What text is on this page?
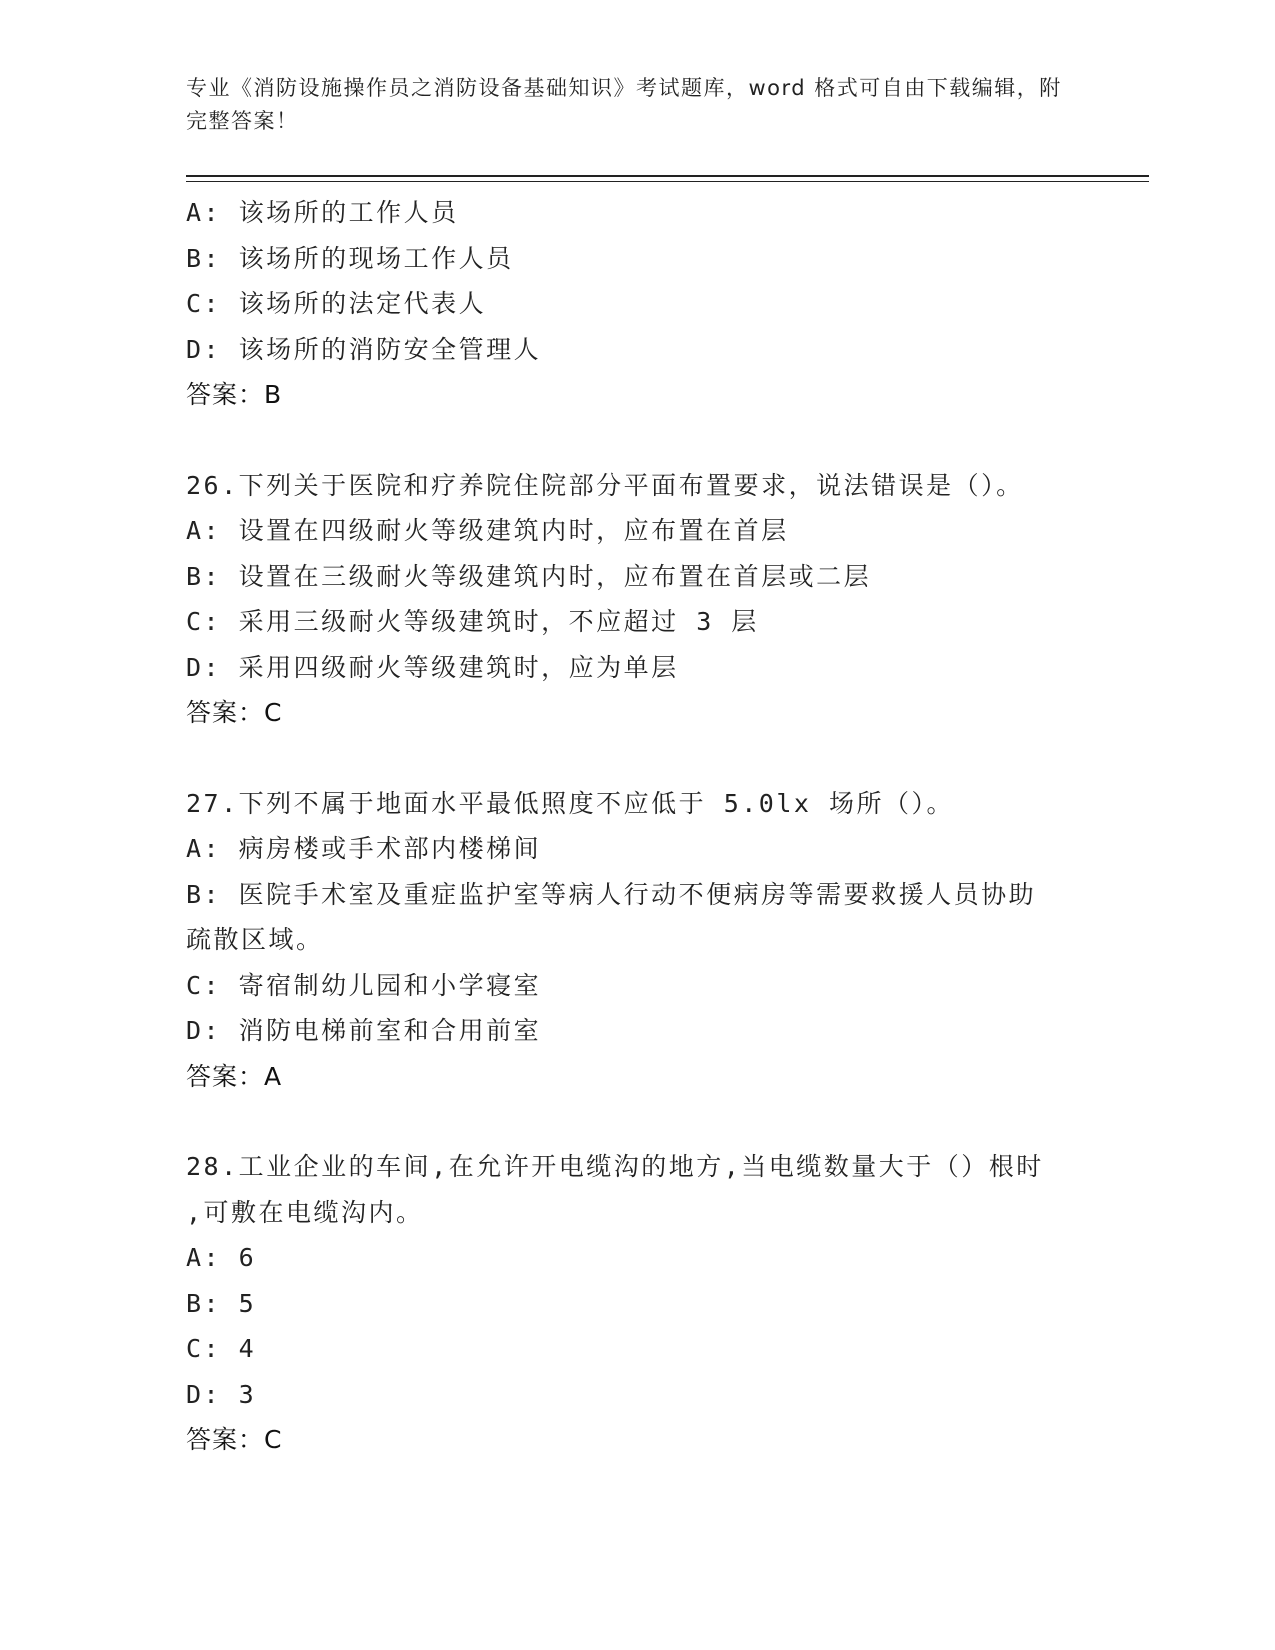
专业《消防设施操作员之消防设备基础知识》考试题库，word 格式可自由下载编辑，附完整答案！
A: 该场所的工作人员
B: 该场所的现场工作人员
C: 该场所的法定代表人
D: 该场所的消防安全管理人
答案：B
26.下列关于医院和疗养院住院部分平面布置要求，说法错误是（）。
A: 设置在四级耐火等级建筑内时，应布置在首层
B: 设置在三级耐火等级建筑内时，应布置在首层或二层
C: 采用三级耐火等级建筑时，不应超过 3 层
D: 采用四级耐火等级建筑时，应为单层
答案：C
27.下列不属于地面水平最低照度不应低于 5.0lx 场所（）。
A: 病房楼或手术部内楼梯间
B: 医院手术室及重症监护室等病人行动不便病房等需要救援人员协助
疏散区域。
C: 寄宿制幼儿园和小学寝室
D: 消防电梯前室和合用前室
答案：A
28.工业企业的车间,在允许开电缆沟的地方,当电缆数量大于（）根时
,可敷在电缆沟内。
A: 6
B: 5
C: 4
D: 3
答案：C
